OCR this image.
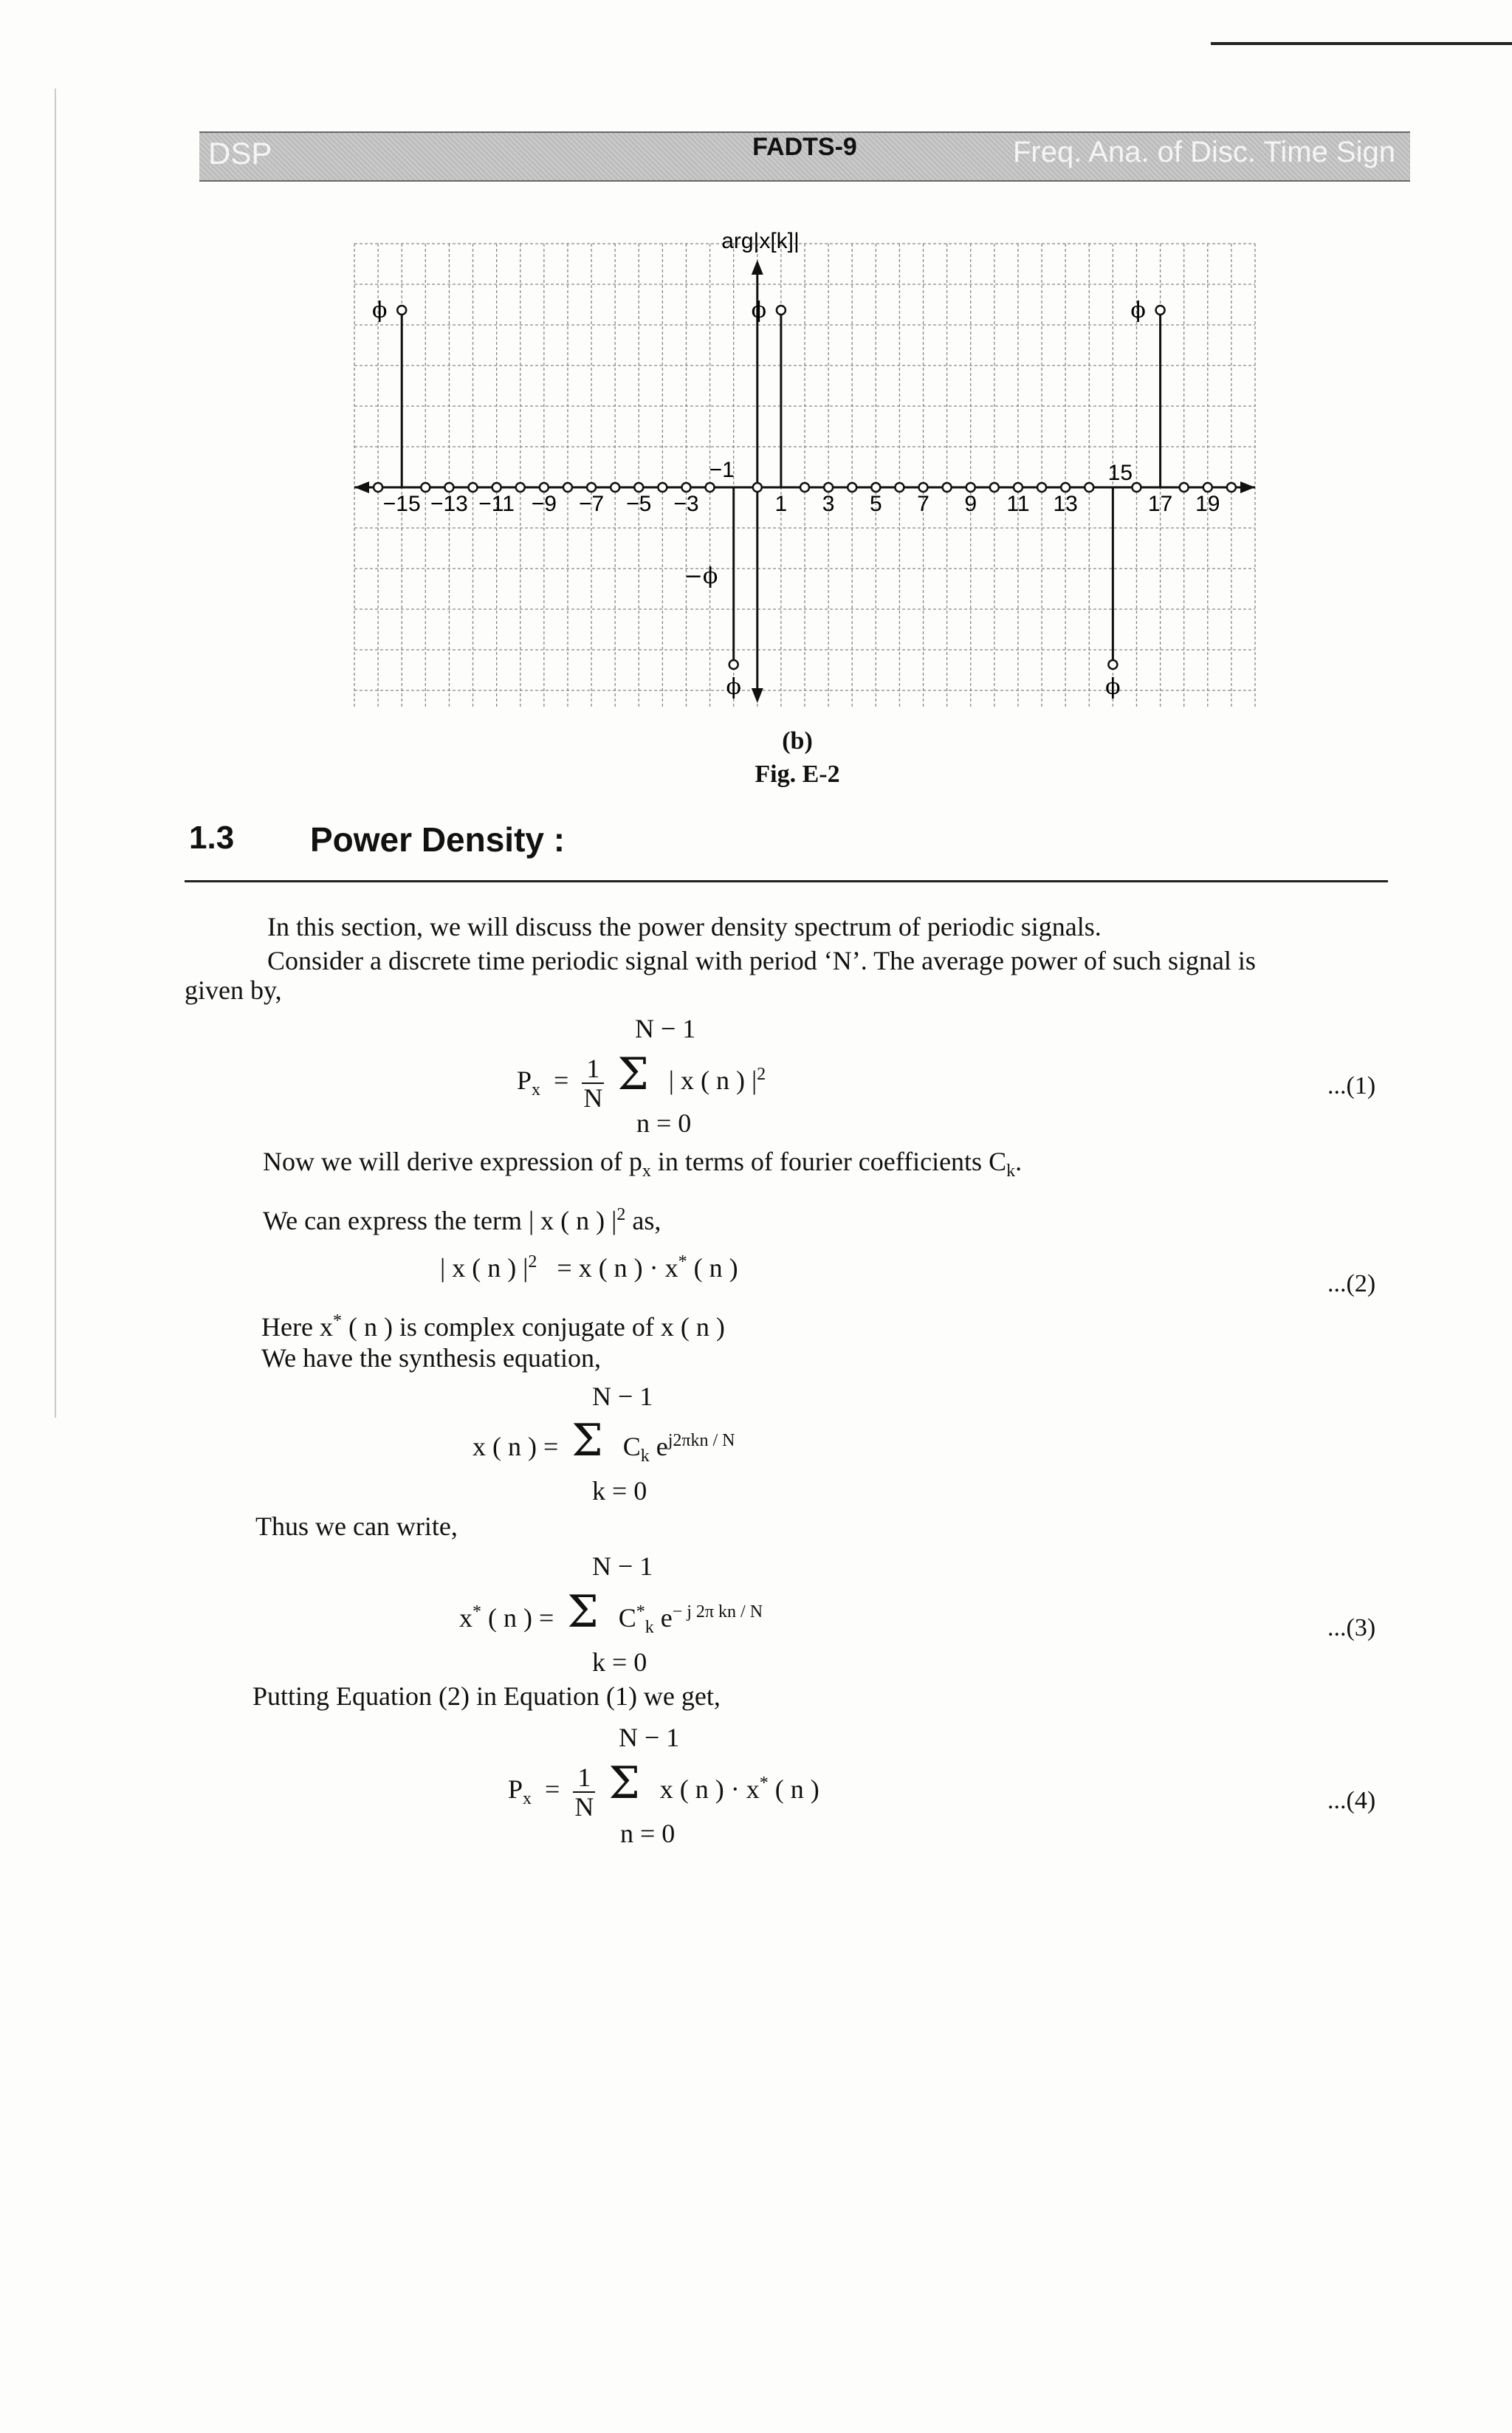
DSP	FADTS-9	Freq. Ana. of Disc. Time Sign
ϕ
ϕ
ϕ
ϕ
ϕ
arg|x[k]|
−15 −13 −11 −9 −7 −5 −3	1 3 5 7 9 11 13
−1	15
17 19
−ϕ
(b)
Fig. E-2
1.3 Power Density :
In this section, we will discuss the power density spectrum of periodic signals.
Consider a discrete time periodic signal with period ‘N’. The average power of such signal is
given by,
N − 1
$P_x = \frac{1}{N}$ Σ | x ( n ) $|^2$
n = 0
...(1)
Now we will derive expression of $p_x$ in terms of fourier coefficients $C_k$.
We can express the term | x ( n ) $|^2$ as,
| x ( n ) $|^2 = x$ ( n ) · x* ( n )
...(2)
Here x* ( n ) is complex conjugate of x ( n )
We have the synthesis equation,
N − 1
x ( n ) = Σ $C_k$ $e^{j2\pi kn / N}$
k = 0
Thus we can write,
N − 1
x* ( n ) = Σ $C^*_k$ $e^{- j 2\pi kn / N}$
k = 0
...(3)
Putting Equation (2) in Equation (1) we get,
N − 1
$P_x = \frac{1}{N}$ Σ x ( n ) · x* ( n )
n = 0
...(4)
